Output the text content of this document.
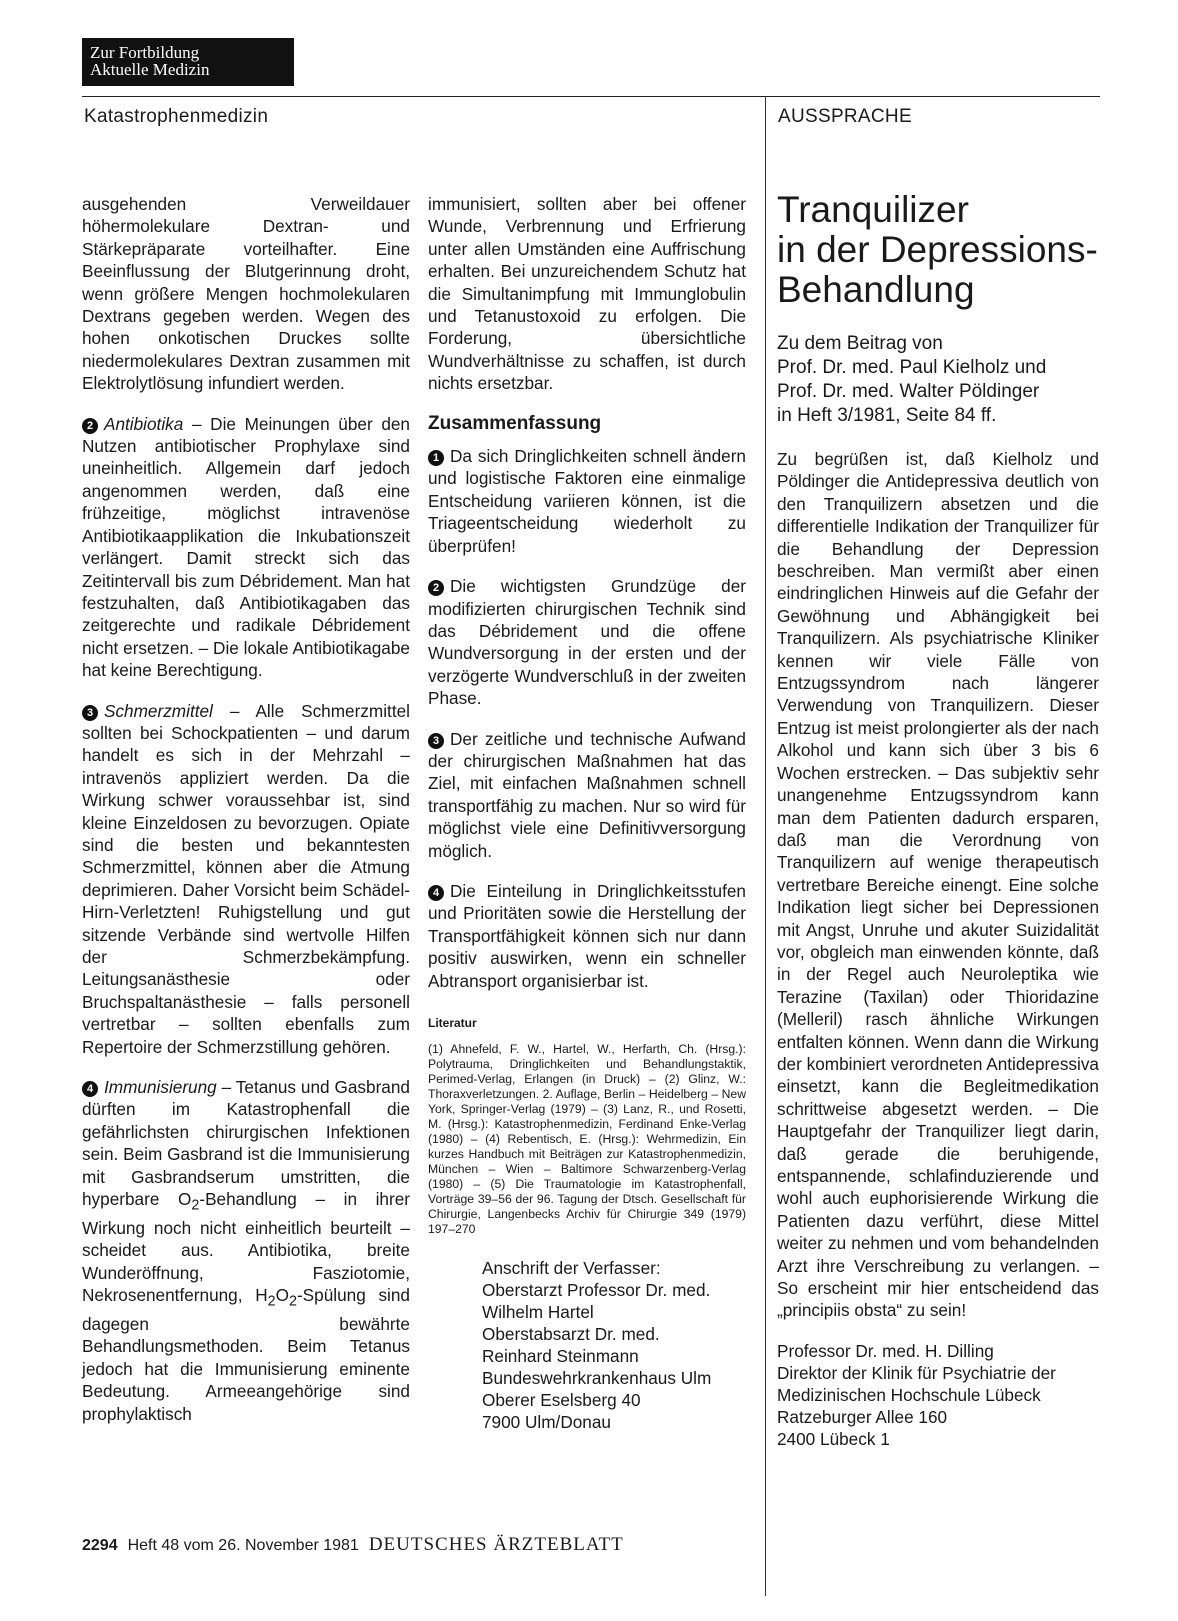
Zur Fortbildung
Aktuelle Medizin
Katastrophenmedizin	AUSSPRACHE

ausgehenden Verweildauer höhermolekulare Dextran- und Stärkepräparate vorteilhafter. Eine Beeinflussung der Blutgerinnung droht, wenn größere Mengen hochmolekularen Dextrans gegeben werden. Wegen des hohen onkotischen Druckes sollte niedermolekulares Dextran zusammen mit Elektrolytlösung infundiert werden.

2 Antibiotika – Die Meinungen über den Nutzen antibiotischer Prophylaxe sind uneinheitlich. Allgemein darf jedoch angenommen werden, daß eine frühzeitige, möglichst intravenöse Antibiotikaapplikation die Inkubationszeit verlängert. Damit streckt sich das Zeitintervall bis zum Débridement. Man hat festzuhalten, daß Antibiotikagaben das zeitgerechte und radikale Débridement nicht ersetzen. – Die lokale Antibiotikagabe hat keine Berechtigung.

3 Schmerzmittel – Alle Schmerzmittel sollten bei Schockpatienten – und darum handelt es sich in der Mehrzahl – intravenös appliziert werden. Da die Wirkung schwer voraussehbar ist, sind kleine Einzeldosen zu bevorzugen. Opiate sind die besten und bekanntesten Schmerzmittel, können aber die Atmung deprimieren. Daher Vorsicht beim Schädel-Hirn-Verletzten! Ruhigstellung und gut sitzende Verbände sind wertvolle Hilfen der Schmerzbekämpfung. Leitungsanästhesie oder Bruchspaltanästhesie – falls personell vertretbar – sollten ebenfalls zum Repertoire der Schmerzstillung gehören.

4 Immunisierung – Tetanus und Gasbrand dürften im Katastrophenfall die gefährlichsten chirurgischen Infektionen sein. Beim Gasbrand ist die Immunisierung mit Gasbrandserum umstritten, die hyperbare $O_2$-Behandlung – in ihrer Wirkung noch nicht einheitlich beurteilt – scheidet aus. Antibiotika, breite Wunderöffnung, Fasziotomie, Nekrosenentfernung, $H_2O_2$-Spülung sind dagegen bewährte Behandlungsmethoden. Beim Tetanus jedoch hat die Immunisierung eminente Bedeutung. Armeeangehörige sind prophylaktisch

immunisiert, sollten aber bei offener Wunde, Verbrennung und Erfrierung unter allen Umständen eine Auffrischung erhalten. Bei unzureichendem Schutz hat die Simultanimpfung mit Immunglobulin und Tetanustoxoid zu erfolgen. Die Forderung, übersichtliche Wundverhältnisse zu schaffen, ist durch nichts ersetzbar.

Zusammenfassung

1 Da sich Dringlichkeiten schnell ändern und logistische Faktoren eine einmalige Entscheidung variieren können, ist die Triageentscheidung wiederholt zu überprüfen!

2 Die wichtigsten Grundzüge der modifizierten chirurgischen Technik sind das Débridement und die offene Wundversorgung in der ersten und der verzögerte Wundverschluß in der zweiten Phase.

3 Der zeitliche und technische Aufwand der chirurgischen Maßnahmen hat das Ziel, mit einfachen Maßnahmen schnell transportfähig zu machen. Nur so wird für möglichst viele eine Definitivversorgung möglich.

4 Die Einteilung in Dringlichkeitsstufen und Prioritäten sowie die Herstellung der Transportfähigkeit können sich nur dann positiv auswirken, wenn ein schneller Abtransport organisierbar ist.

Literatur
(1) Ahnefeld, F. W., Hartel, W., Herfarth, Ch. (Hrsg.): Polytrauma, Dringlichkeiten und Behandlungstaktik, Perimed-Verlag, Erlangen (in Druck) – (2) Glinz, W.: Thoraxverletzungen. 2. Auflage, Berlin – Heidelberg – New York, Springer-Verlag (1979) – (3) Lanz, R., und Rosetti, M. (Hrsg.): Katastrophenmedizin, Ferdinand Enke-Verlag (1980) – (4) Rebentisch, E. (Hrsg.): Wehrmedizin, Ein kurzes Handbuch mit Beiträgen zur Katastrophenmedizin, München – Wien – Baltimore Schwarzenberg-Verlag (1980) – (5) Die Traumatologie im Katastrophenfall, Vorträge 39–56 der 96. Tagung der Dtsch. Gesellschaft für Chirurgie, Langenbecks Archiv für Chirurgie 349 (1979) 197–270
Anschrift der Verfasser:
Oberstarzt Professor Dr. med.
Wilhelm Hartel
Oberstabsarzt Dr. med.
Reinhard Steinmann
Bundeswehrkrankenhaus Ulm
Oberer Eselsberg 40
7900 Ulm/Donau
Tranquilizer
in der Depressions-
Behandlung
Zu dem Beitrag von
Prof. Dr. med. Paul Kielholz und
Prof. Dr. med. Walter Pöldinger
in Heft 3/1981, Seite 84 ff.

Zu begrüßen ist, daß Kielholz und Pöldinger die Antidepressiva deutlich von den Tranquilizern absetzen und die differentielle Indikation der Tranquilizer für die Behandlung der Depression beschreiben. Man vermißt aber einen eindringlichen Hinweis auf die Gefahr der Gewöhnung und Abhängigkeit bei Tranquilizern. Als psychiatrische Kliniker kennen wir viele Fälle von Entzugssyndrom nach längerer Verwendung von Tranquilizern. Dieser Entzug ist meist prolongierter als der nach Alkohol und kann sich über 3 bis 6 Wochen erstrecken. – Das subjektiv sehr unangenehme Entzugssyndrom kann man dem Patienten dadurch ersparen, daß man die Verordnung von Tranquilizern auf wenige therapeutisch vertretbare Bereiche einengt. Eine solche Indikation liegt sicher bei Depressionen mit Angst, Unruhe und akuter Suizidalität vor, obgleich man einwenden könnte, daß in der Regel auch Neuroleptika wie Terazine (Taxilan) oder Thioridazine (Melleril) rasch ähnliche Wirkungen entfalten können. Wenn dann die Wirkung der kombiniert verordneten Antidepressiva einsetzt, kann die Begleitmedikation schrittweise abgesetzt werden. – Die Hauptgefahr der Tranquilizer liegt darin, daß gerade die beruhigende, entspannende, schlafinduzierende und wohl auch euphorisierende Wirkung die Patienten dazu verführt, diese Mittel weiter zu nehmen und vom behandelnden Arzt ihre Verschreibung zu verlangen. – So erscheint mir hier entscheidend das „principiis obsta“ zu sein!

Professor Dr. med. H. Dilling
Direktor der Klinik für Psychiatrie der
Medizinischen Hochschule Lübeck
Ratzeburger Allee 160
2400 Lübeck 1
2294 Heft 48 vom 26. November 1981 DEUTSCHES ÄRZTEBLATT
